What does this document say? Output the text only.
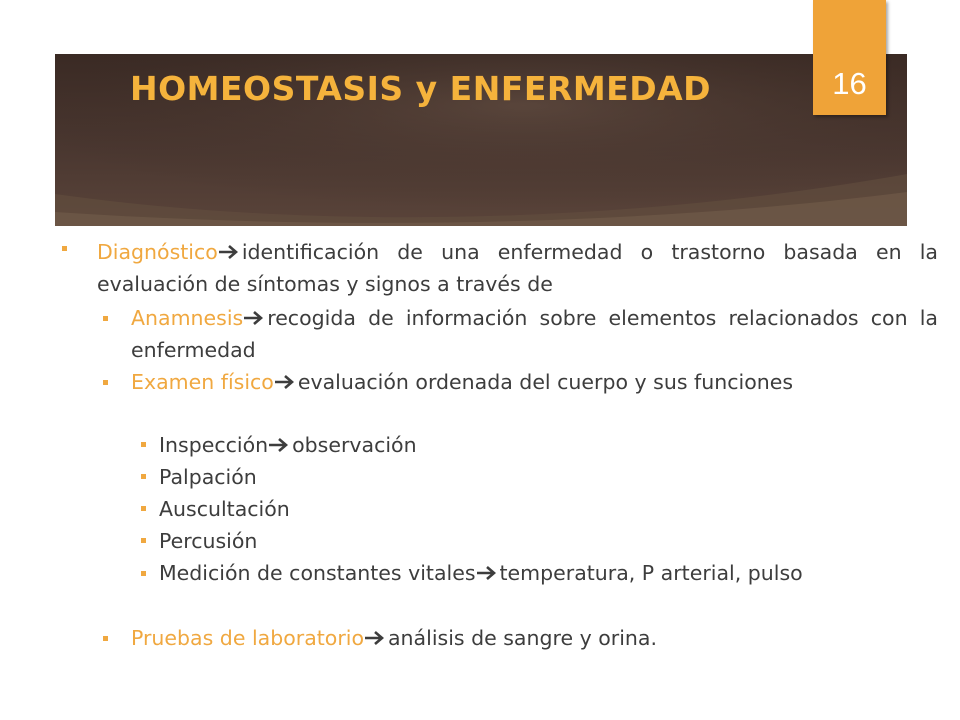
HOMEOSTASIS y ENFERMEDAD	16
Diagnóstico identificación de una enfermedad o trastorno basada en la evaluación de síntomas y signos a través de
Anamnesis recogida de información sobre elementos relacionados con la enfermedad
Examen físico evaluación ordenada del cuerpo y sus funciones
Inspección observación
Palpación
Auscultación
Percusión
Medición de constantes vitales temperatura, P arterial, pulso
Pruebas de laboratorio análisis de sangre y orina.
